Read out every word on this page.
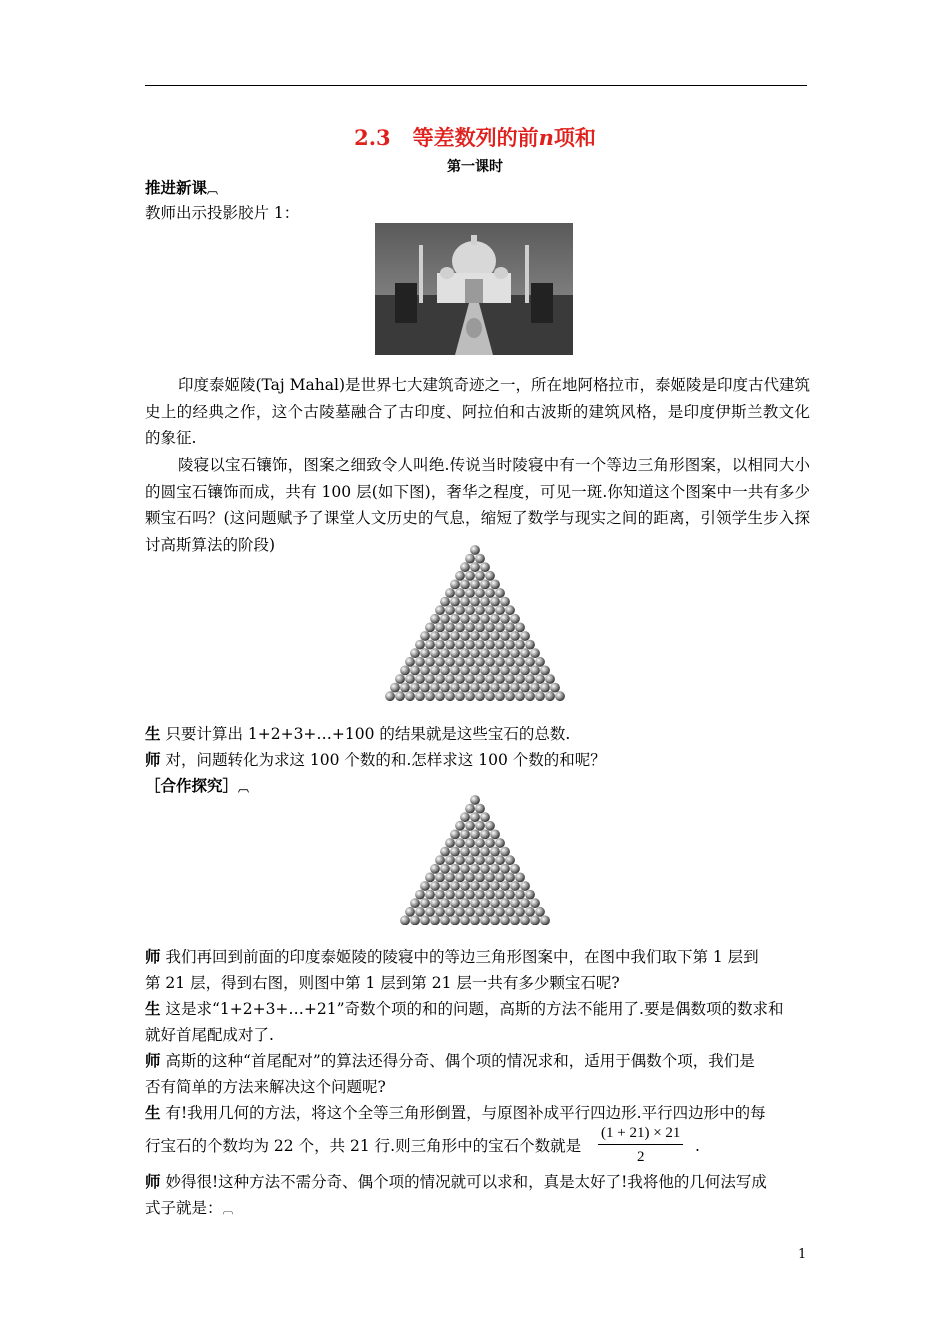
2.3 等差数列的前n项和
第一课时
推进新课︹
教师出示投影胶片 1：
印度泰姬陵(Taj Mahal)是世界七大建筑奇迹之一，所在地阿格拉市，泰姬陵是印度古代建筑史上的经典之作，这个古陵墓融合了古印度、阿拉伯和古波斯的建筑风格，是印度伊斯兰教文化的象征.
陵寝以宝石镶饰，图案之细致令人叫绝.传说当时陵寝中有一个等边三角形图案，以相同大小的圆宝石镶饰而成，共有 100 层(如下图)，奢华之程度，可见一斑.你知道这个图案中一共有多少颗宝石吗？(这问题赋予了课堂人文历史的气息，缩短了数学与现实之间的距离，引领学生步入探讨高斯算法的阶段)
生 只要计算出 1+2+3+…+100 的结果就是这些宝石的总数.
师 对，问题转化为求这 100 个数的和.怎样求这 100 个数的和呢？
［合作探究］︹
师 我们再回到前面的印度泰姬陵的陵寝中的等边三角形图案中，在图中我们取下第 1 层到
第 21 层，得到右图，则图中第 1 层到第 21 层一共有多少颗宝石呢?
生 这是求“1+2+3+…+21”奇数个项的和的问题，高斯的方法不能用了.要是偶数项的数求和
就好首尾配成对了.
师 高斯的这种“首尾配对”的算法还得分奇、偶个项的情况求和，适用于偶数个项，我们是
否有简单的方法来解决这个问题呢?
生 有!我用几何的方法，将这个全等三角形倒置，与原图补成平行四边形.平行四边形中的每
行宝石的个数均为 22 个，共 21 行.则三角形中的宝石个数就是	$\frac{(1 + 21) \times 21}{2}$ .
师 妙得很!这种方法不需分奇、偶个项的情况就可以求和，真是太好了!我将他的几何法写成
式子就是：︹
1
